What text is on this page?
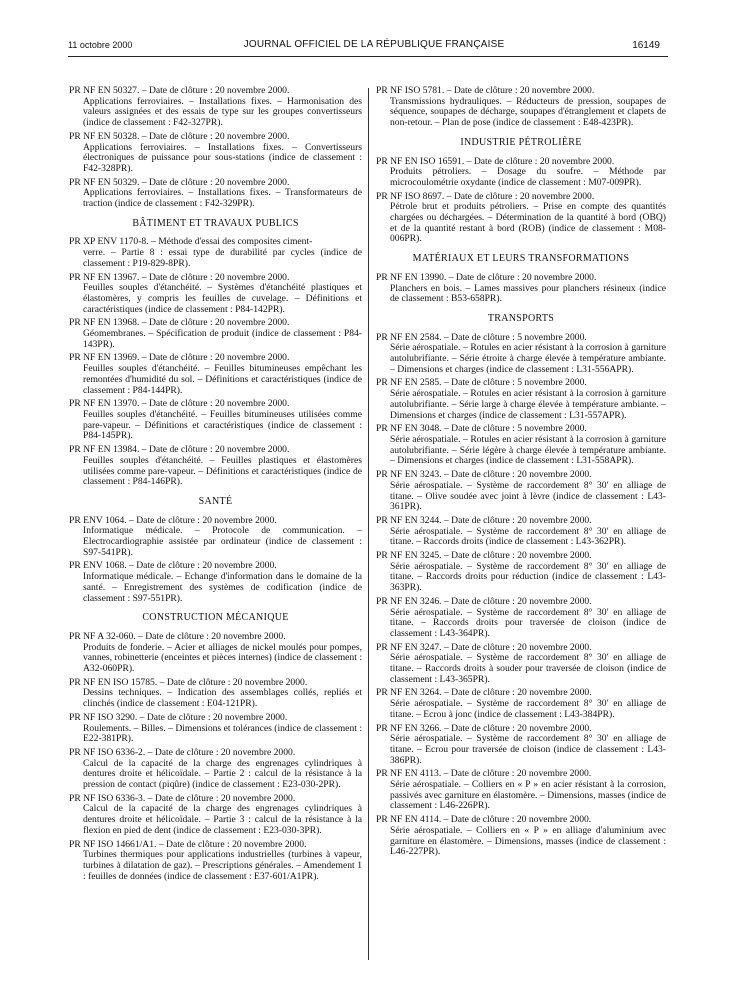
11 octobre 2000	JOURNAL OFFICIEL DE LA RÉPUBLIQUE FRANÇAISE	16149
PR NF EN 50327. – Date de clôture : 20 novembre 2000.
Applications ferroviaires. – Installations fixes. – Harmonisation des valeurs assignées et des essais de type sur les groupes convertisseurs (indice de classement : F42-327PR).
PR NF EN 50328. – Date de clôture : 20 novembre 2000.
Applications ferroviaires. – Installations fixes. – Convertisseurs électroniques de puissance pour sous-stations (indice de classement : F42-328PR).
PR NF EN 50329. – Date de clôture : 20 novembre 2000.
Applications ferroviaires. – Installations fixes. – Transformateurs de traction (indice de classement : F42-329PR).
BÂTIMENT ET TRAVAUX PUBLICS
PR XP ENV 1170-8. – Méthode d'essai des composites ciment-
verre. – Partie 8 : essai type de durabilité par cycles (indice de classement : P19-829-8PR).
PR NF EN 13967. – Date de clôture : 20 novembre 2000.
Feuilles souples d'étanchéité. – Systèmes d'étanchéité plastiques et élastomères, y compris les feuilles de cuvelage. – Définitions et caractéristiques (indice de classement : P84-142PR).
PR NF EN 13968. – Date de clôture : 20 novembre 2000.
Géomembranes. – Spécification de produit (indice de classement : P84-143PR).
PR NF EN 13969. – Date de clôture : 20 novembre 2000.
Feuilles souples d'étanchéité. – Feuilles bitumineuses empêchant les remontées d'humidité du sol. – Définitions et caractéristiques (indice de classement : P84-144PR).
PR NF EN 13970. – Date de clôture : 20 novembre 2000.
Feuilles souples d'étanchéité. – Feuilles bitumineuses utilisées comme pare-vapeur. – Définitions et caractéristiques (indice de classement : P84-145PR).
PR NF EN 13984. – Date de clôture : 20 novembre 2000.
Feuilles souples d'étanchéité. – Feuilles plastiques et élastomères utilisées comme pare-vapeur. – Définitions et caractéristiques (indice de classement : P84-146PR).
SANTÉ
PR ENV 1064. – Date de clôture : 20 novembre 2000.
Informatique médicale. – Protocole de communication. – Electrocardiographie assistée par ordinateur (indice de classement : S97-541PR).
PR ENV 1068. – Date de clôture : 20 novembre 2000.
Informatique médicale. – Echange d'information dans le domaine de la santé. – Enregistrement des systèmes de codification (indice de classement : S97-551PR).
CONSTRUCTION MÉCANIQUE
PR NF A 32-060. – Date de clôture : 20 novembre 2000.
Produits de fonderie. – Acier et alliages de nickel moulés pour pompes, vannes, robinetterie (enceintes et pièces internes) (indice de classement : A32-060PR).
PR NF EN ISO 15785. – Date de clôture : 20 novembre 2000.
Dessins techniques. – Indication des assemblages collés, repliés et clinchés (indice de classement : E04-121PR).
PR NF ISO 3290. – Date de clôture : 20 novembre 2000.
Roulements. – Billes. – Dimensions et tolérances (indice de classement : E22-381PR).
PR NF ISO 6336-2. – Date de clôture : 20 novembre 2000.
Calcul de la capacité de la charge des engrenages cylindriques à dentures droite et hélicoïdale. – Partie 2 : calcul de la résistance à la pression de contact (piqûre) (indice de classement : E23-030-2PR).
PR NF ISO 6336-3. – Date de clôture : 20 novembre 2000.
Calcul de la capacité de la charge des engrenages cylindriques à dentures droite et hélicoïdale. – Partie 3 : calcul de la résistance à la flexion en pied de dent (indice de classement : E23-030-3PR).
PR NF ISO 14661/A1. – Date de clôture : 20 novembre 2000.
Turbines thermiques pour applications industrielles (turbines à vapeur, turbines à dilatation de gaz). – Prescriptions générales. – Amendement 1 : feuilles de données (indice de classement : E37-601/A1PR).
PR NF ISO 5781. – Date de clôture : 20 novembre 2000.
Transmissions hydrauliques. – Réducteurs de pression, soupapes de séquence, soupapes de décharge, soupapes d'étranglement et clapets de non-retour. – Plan de pose (indice de classement : E48-423PR).
INDUSTRIE PÉTROLIÈRE
PR NF EN ISO 16591. – Date de clôture : 20 novembre 2000.
Produits pétroliers. – Dosage du soufre. – Méthode par microcoulométrie oxydante (indice de classement : M07-009PR).
PR NF ISO 8697. – Date de clôture : 20 novembre 2000.
Pétrole brut et produits pétroliers. – Prise en compte des quantités chargées ou déchargées. – Détermination de la quantité à bord (OBQ) et de la quantité restant à bord (ROB) (indice de classement : M08-006PR).
MATÉRIAUX ET LEURS TRANSFORMATIONS
PR NF EN 13990. – Date de clôture : 20 novembre 2000.
Planchers en bois. – Lames massives pour planchers résineux (indice de classement : B53-658PR).
TRANSPORTS
PR NF EN 2584. – Date de clôture : 5 novembre 2000.
Série aérospatiale. – Rotules en acier résistant à la corrosion à garniture autolubrifiante. – Série étroite à charge élevée à température ambiante. – Dimensions et charges (indice de classement : L31-556APR).
PR NF EN 2585. – Date de clôture : 5 novembre 2000.
Série aérospatiale. – Rotules en acier résistant à la corrosion à garniture autolubrifiante. – Série large à charge élevée à température ambiante. – Dimensions et charges (indice de classement : L31-557APR).
PR NF EN 3048. – Date de clôture : 5 novembre 2000.
Série aérospatiale. – Rotules en acier résistant à la corrosion à garniture autolubrifiante. – Série légère à charge élevée à température ambiante. – Dimensions et charges (indice de classement : L31-558APR).
PR NF EN 3243. – Date de clôture : 20 novembre 2000.
Série aérospatiale. – Système de raccordement 8° 30′ en alliage de titane. – Olive soudée avec joint à lèvre (indice de classement : L43-361PR).
PR NF EN 3244. – Date de clôture : 20 novembre 2000.
Série aérospatiale. – Système de raccordement 8° 30′ en alliage de titane. – Raccords droits (indice de classement : L43-362PR).
PR NF EN 3245. – Date de clôture : 20 novembre 2000.
Série aérospatiale. – Système de raccordement 8° 30′ en alliage de titane. – Raccords droits pour réduction (indice de classement : L43-363PR).
PR NF EN 3246. – Date de clôture : 20 novembre 2000.
Série aérospatiale. – Système de raccordement 8° 30′ en alliage de titane. – Raccords droits pour traversée de cloison (indice de classement : L43-364PR).
PR NF EN 3247. – Date de clôture : 20 novembre 2000.
Série aérospatiale. – Système de raccordement 8° 30′ en alliage de titane. – Raccords droits à souder pour traversée de cloison (indice de classement : L43-365PR).
PR NF EN 3264. – Date de clôture : 20 novembre 2000.
Série aérospatiale. – Système de raccordement 8° 30′ en alliage de titane. – Ecrou à jonc (indice de classement : L43-384PR).
PR NF EN 3266. – Date de clôture : 20 novembre 2000.
Série aérospatiale. – Système de raccordement 8° 30′ en alliage de titane. – Ecrou pour traversée de cloison (indice de classement : L43-386PR).
PR NF EN 4113. – Date de clôture : 20 novembre 2000.
Série aérospatiale. – Colliers en « P » en acier résistant à la corrosion, passivés avec garniture en élastomère. – Dimensions, masses (indice de classement : L46-226PR).
PR NF EN 4114. – Date de clôture : 20 novembre 2000.
Série aérospatiale. – Colliers en « P » en alliage d'aluminium avec garniture en élastomère. – Dimensions, masses (indice de classement : L46-227PR).
